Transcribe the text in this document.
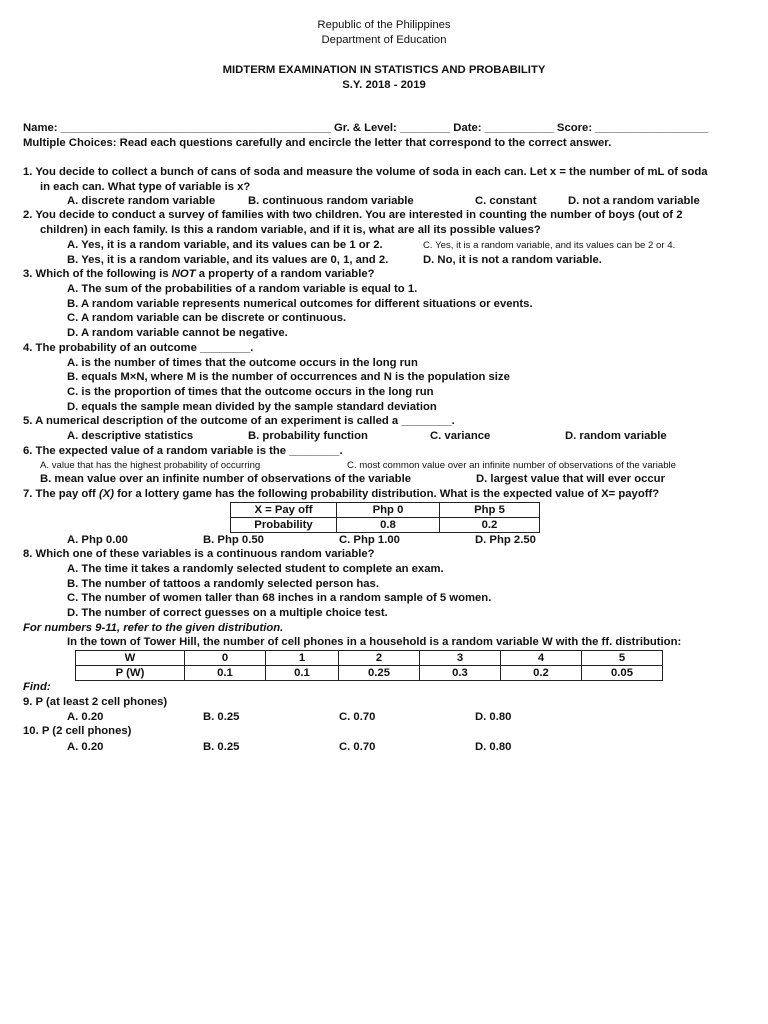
Republic of the Philippines
Department of Education
MIDTERM EXAMINATION IN STATISTICS AND PROBABILITY
S.Y. 2018 - 2019
Name: ___________________________________________ Gr. & Level: ________ Date: ___________ Score: __________________
Multiple Choices: Read each questions carefully and encircle the letter that correspond to the correct answer.
1. You decide to collect a bunch of cans of soda and measure the volume of soda in each can. Let x = the number of mL of soda
in each can. What type of variable is x?
A. discrete random variable	B. continuous random variable	C. constant	D. not a random variable
2. You decide to conduct a survey of families with two children. You are interested in counting the number of boys (out of 2
children) in each family. Is this a random variable, and if it is, what are all its possible values?
A. Yes, it is a random variable, and its values can be 1 or 2.	C. Yes, it is a random variable, and its values can be 2 or 4.
B. Yes, it is a random variable, and its values are 0, 1, and 2.	D. No, it is not a random variable.
3. Which of the following is NOT a property of a random variable?
A. The sum of the probabilities of a random variable is equal to 1.
B. A random variable represents numerical outcomes for different situations or events.
C. A random variable can be discrete or continuous.
D. A random variable cannot be negative.
4. The probability of an outcome ________.
A. is the number of times that the outcome occurs in the long run
B. equals M×N, where M is the number of occurrences and N is the population size
C. is the proportion of times that the outcome occurs in the long run
D. equals the sample mean divided by the sample standard deviation
5. A numerical description of the outcome of an experiment is called a ________.
A. descriptive statistics	B. probability function	C. variance	D. random variable
6. The expected value of a random variable is the ________.
A. value that has the highest probability of occurring	C. most common value over an infinite number of observations of the variable
B. mean value over an infinite number of observations of the variable	D. largest value that will ever occur
7. The pay off (X) for a lottery game has the following probability distribution. What is the expected value of X= payoff?
X = Pay off	Php 0	Php 5
Probability	0.8	0.2
A. Php 0.00	B. Php 0.50	C. Php 1.00	D. Php 2.50
8. Which one of these variables is a continuous random variable?
A. The time it takes a randomly selected student to complete an exam.
B. The number of tattoos a randomly selected person has.
C. The number of women taller than 68 inches in a random sample of 5 women.
D. The number of correct guesses on a multiple choice test.
For numbers 9-11, refer to the given distribution.
In the town of Tower Hill, the number of cell phones in a household is a random variable W with the ff. distribution:
W	0	1	2	3	4	5
P (W)	0.1	0.1	0.25	0.3	0.2	0.05
Find:
9. P (at least 2 cell phones)
A. 0.20	B. 0.25	C. 0.70	D. 0.80
10. P (2 cell phones)
A. 0.20	B. 0.25	C. 0.70	D. 0.80
